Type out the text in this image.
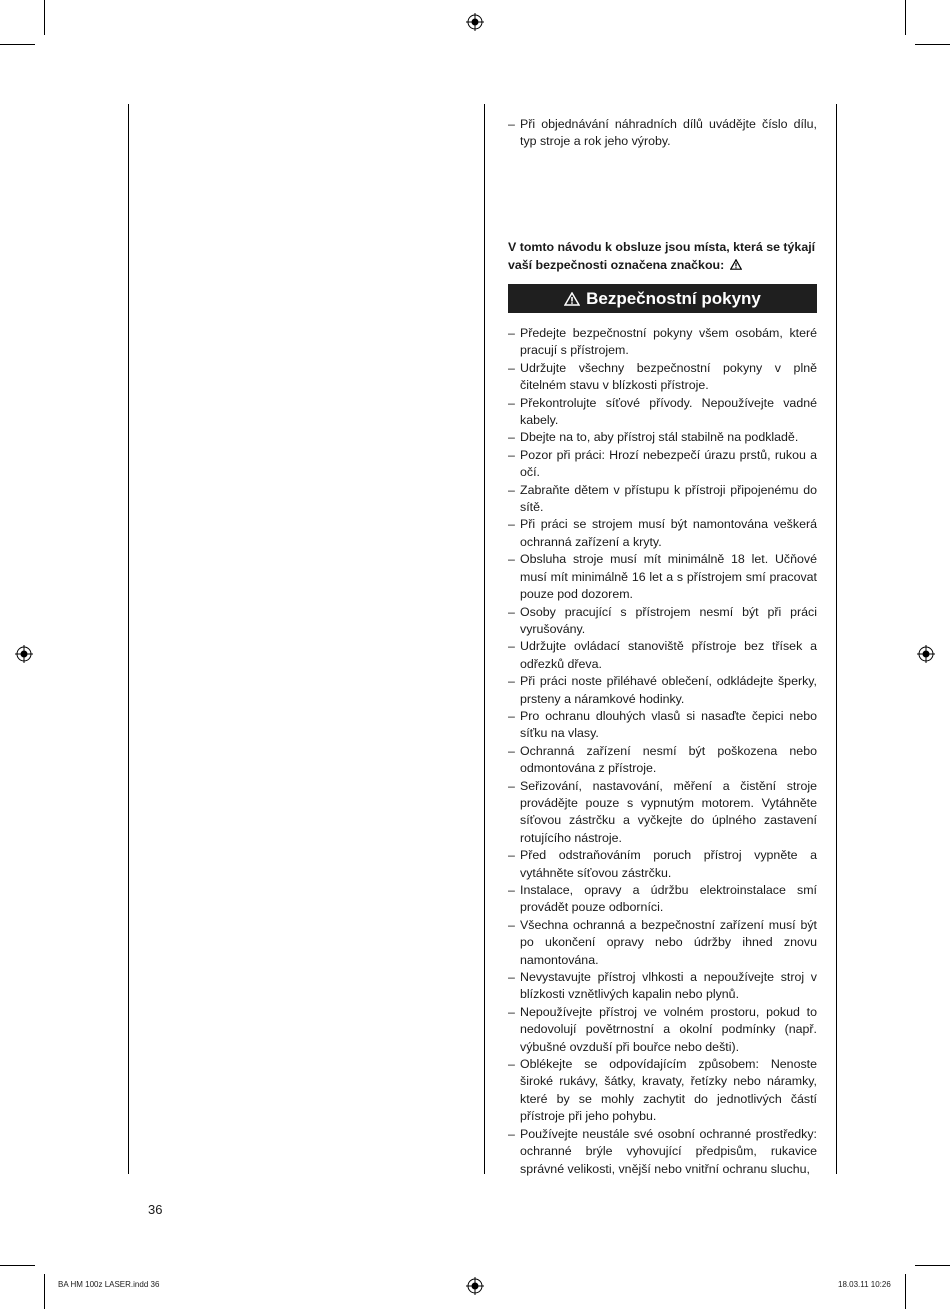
– Při objednávání náhradních dílů uvádějte číslo dílu, typ stroje a rok jeho výroby.
V tomto návodu k obsluze jsou místa, která se týkají vaší bezpečnosti označena značkou:
Bezpečnostní pokyny
– Předejte bezpečnostní pokyny všem osobám, které pracují s přístrojem.
– Udržujte všechny bezpečnostní pokyny v plně čitelném stavu v blízkosti přístroje.
– Překontrolujte síťové přívody. Nepoužívejte vadné kabely.
– Dbejte na to, aby přístroj stál stabilně na podkladě.
– Pozor při práci: Hrozí nebezpečí úrazu prstů, rukou a očí.
– Zabraňte dětem v přístupu k přístroji připojenému do sítě.
– Při práci se strojem musí být namontována veškerá ochranná zařízení a kryty.
– Obsluha stroje musí mít minimálně 18 let. Učňové musí mít minimálně 16 let a s přístrojem smí pracovat pouze pod dozorem.
– Osoby pracující s přístrojem nesmí být při práci vyrušovány.
– Udržujte ovládací stanoviště přístroje bez třísek a odřezků dřeva.
– Při práci noste přiléhavé oblečení, odkládejte šperky, prsteny a náramkové hodinky.
– Pro ochranu dlouhých vlasů si nasaďte čepici nebo síťku na vlasy.
– Ochranná zařízení nesmí být poškozena nebo odmontována z přístroje.
– Seřizování, nastavování, měření a čistění stroje provádějte pouze s vypnutým motorem. Vytáhněte síťovou zástrčku a vyčkejte do úplného zastavení rotujícího nástroje.
– Před odstraňováním poruch přístroj vypněte a vytáhněte síťovou zástrčku.
– Instalace, opravy a údržbu elektroinstalace smí provádět pouze odborníci.
– Všechna ochranná a bezpečnostní zařízení musí být po ukončení opravy nebo údržby ihned znovu namontována.
– Nevystavujte přístroj vlhkosti a nepoužívejte stroj v blízkosti vznětlivých kapalin nebo plynů.
– Nepoužívejte přístroj ve volném prostoru, pokud to nedovolují povětrnostní a okolní podmínky (např. výbušné ovzduší při bouřce nebo dešti).
– Oblékejte se odpovídajícím způsobem: Nenoste široké rukávy, šátky, kravaty, řetízky nebo náramky, které by se mohly zachytit do jednotlivých částí přístroje při jeho pohybu.
– Používejte neustále své osobní ochranné prostředky: ochranné brýle vyhovující předpisům, rukavice správné velikosti, vnější nebo vnitřní ochranu sluchu,
36
BA HM 100z LASER.indd 36	18.03.11 10:26
